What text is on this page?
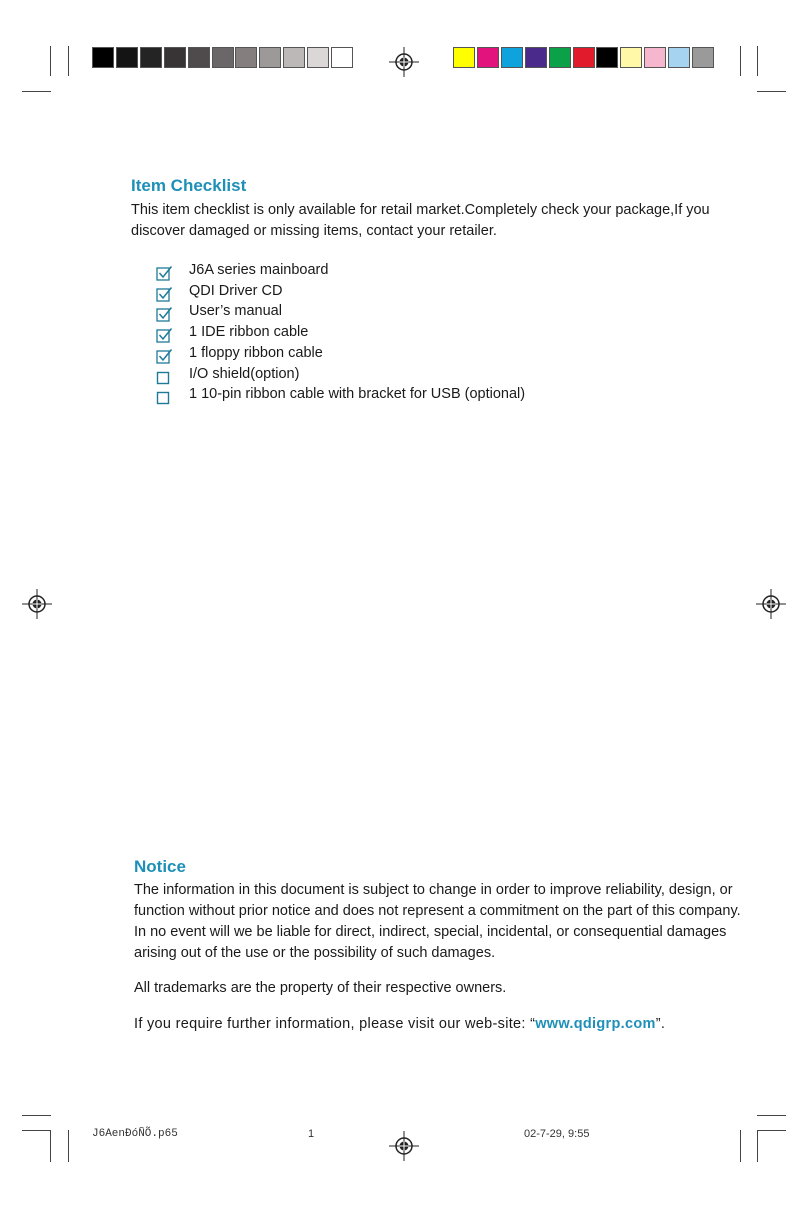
Item Checklist
This item checklist is only available for retail market.Completely check your package,If you
discover damaged or missing items, contact your retailer.
J6A series mainboard
QDI Driver CD
User’s manual
1 IDE ribbon cable
1 floppy ribbon cable
I/O shield(option)
1 10-pin ribbon cable with bracket for USB (optional)
Notice
The information in this document is subject to change in order to improve reliability, design, or
function without prior notice and does not represent a commitment on the part of this company.
In no event will we be liable for direct, indirect, special, incidental, or consequential damages
arising out of the use or the possibility of such damages.
All trademarks are the property of their respective owners.
If you require further information, please visit our web-site: “www.qdigrp.com”.
J6AenÐóÑÕ.p65	1	02-7-29, 9:55
